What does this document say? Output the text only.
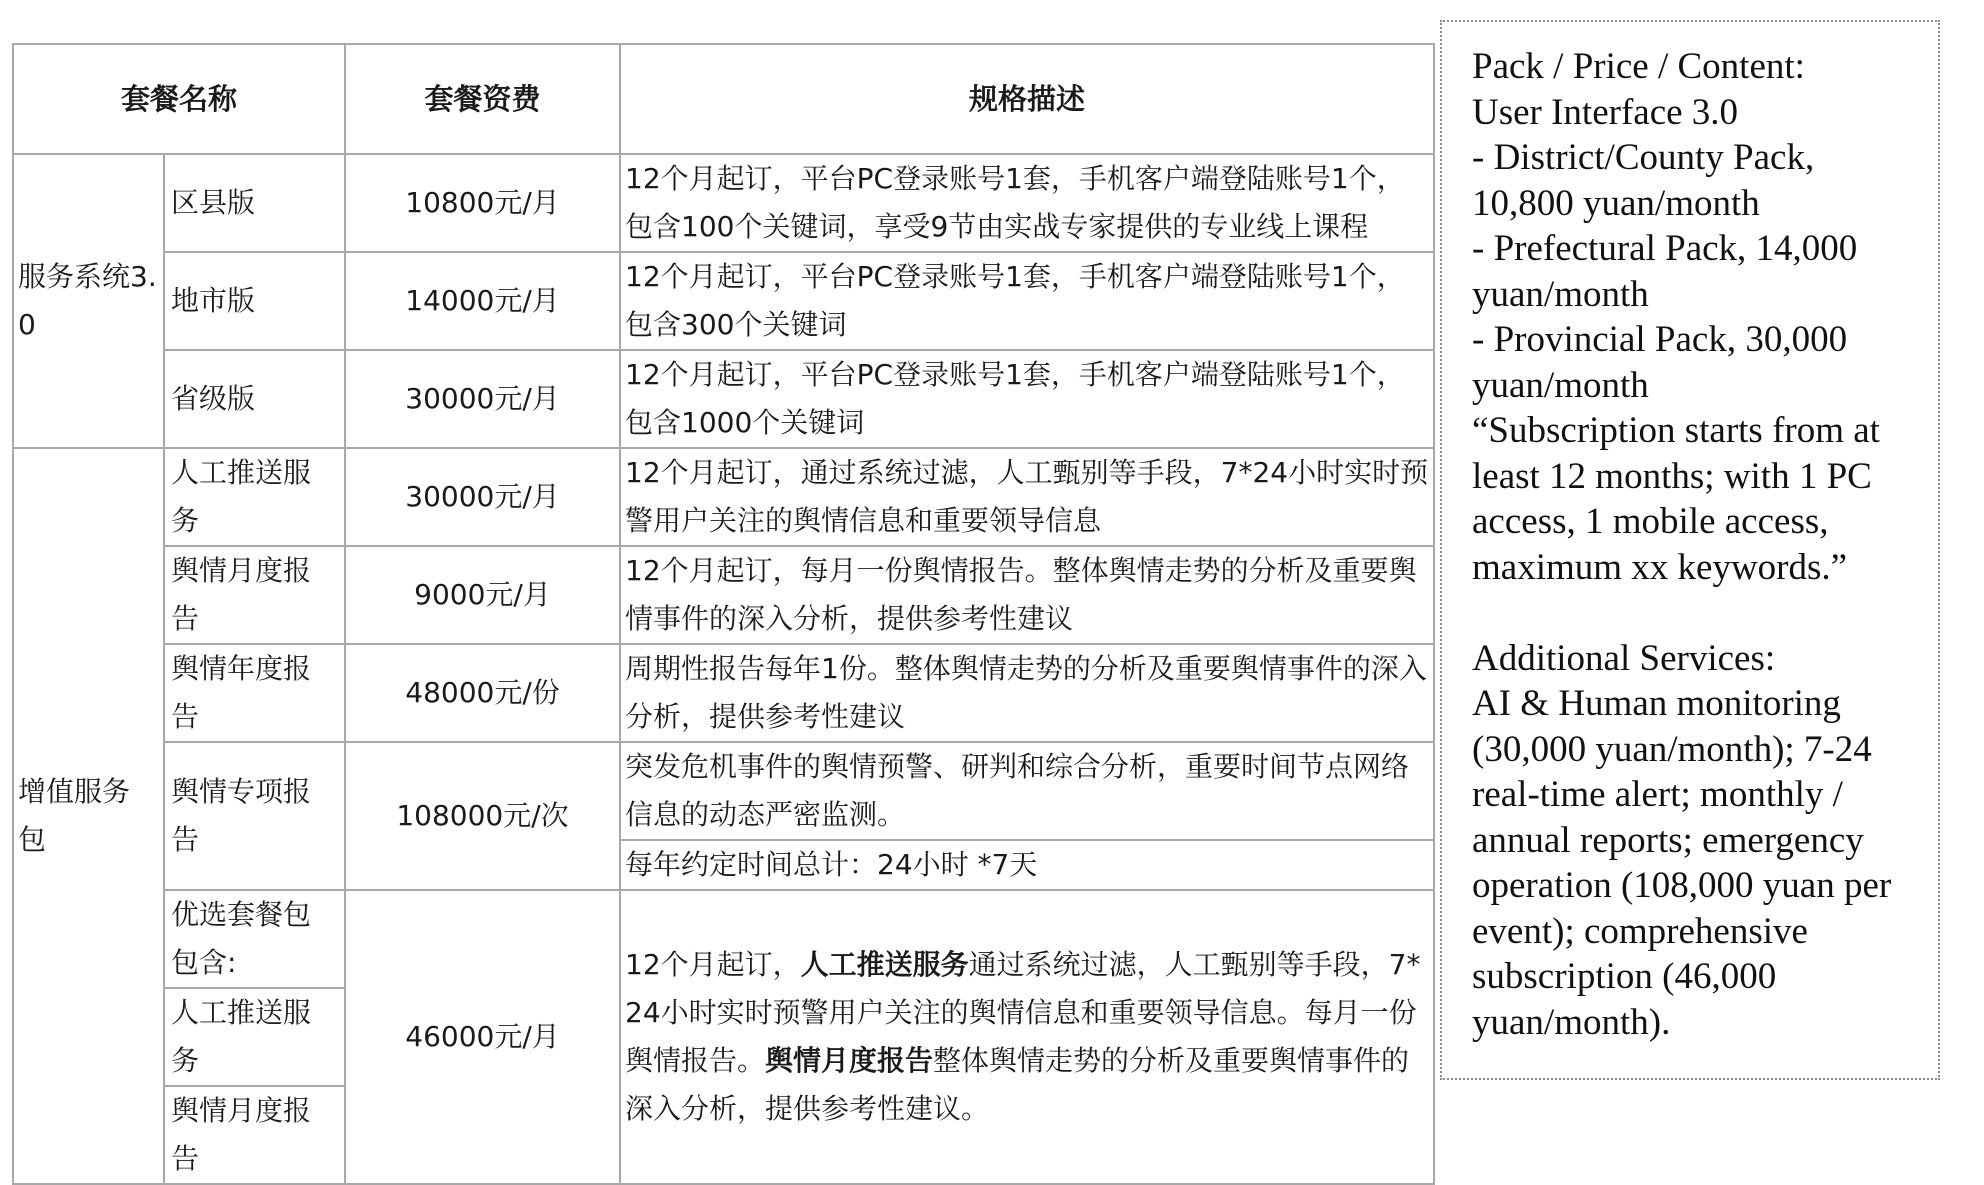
套餐名称		套餐资费	规格描述
服务系统3.0	区县版	10800元/月	12个月起订，平台PC登录账号1套，手机客户端登陆账号1个，包含100个关键词，享受9节由实战专家提供的专业线上课程
	地市版	14000元/月	12个月起订，平台PC登录账号1套，手机客户端登陆账号1个，包含300个关键词
	省级版	30000元/月	12个月起订，平台PC登录账号1套，手机客户端登陆账号1个，包含1000个关键词
增值服务包	人工推送服务	30000元/月	12个月起订，通过系统过滤，人工甄别等手段，7*24小时实时预警用户关注的舆情信息和重要领导信息
	舆情月度报告	9000元/月	12个月起订，每月一份舆情报告。整体舆情走势的分析及重要舆情事件的深入分析，提供参考性建议
	舆情年度报告	48000元/份	周期性报告每年1份。整体舆情走势的分析及重要舆情事件的深入分析，提供参考性建议
	舆情专项报告	108000元/次	突发危机事件的舆情预警、研判和综合分析，重要时间节点网络信息的动态严密监测。
			每年约定时间总计：24小时 *7天
	优选套餐包包含:	46000元/月	12个月起订，人工推送服务通过系统过滤，人工甄别等手段，7*24小时实时预警用户关注的舆情信息和重要领导信息。每月一份舆情报告。舆情月度报告整体舆情走势的分析及重要舆情事件的深入分析，提供参考性建议。
	人工推送服务		
	舆情月度报告		
Pack / Price / Content:
User Interface 3.0
- District/County Pack,
10,800 yuan/month
- Prefectural Pack, 14,000
yuan/month
- Provincial Pack, 30,000
yuan/month
“Subscription starts from at
least 12 months; with 1 PC
access, 1 mobile access,
maximum xx keywords.”
Additional Services:
AI & Human monitoring
(30,000 yuan/month); 7-24
real-time alert; monthly /
annual reports; emergency
operation (108,000 yuan per
event); comprehensive
subscription (46,000
yuan/month).
